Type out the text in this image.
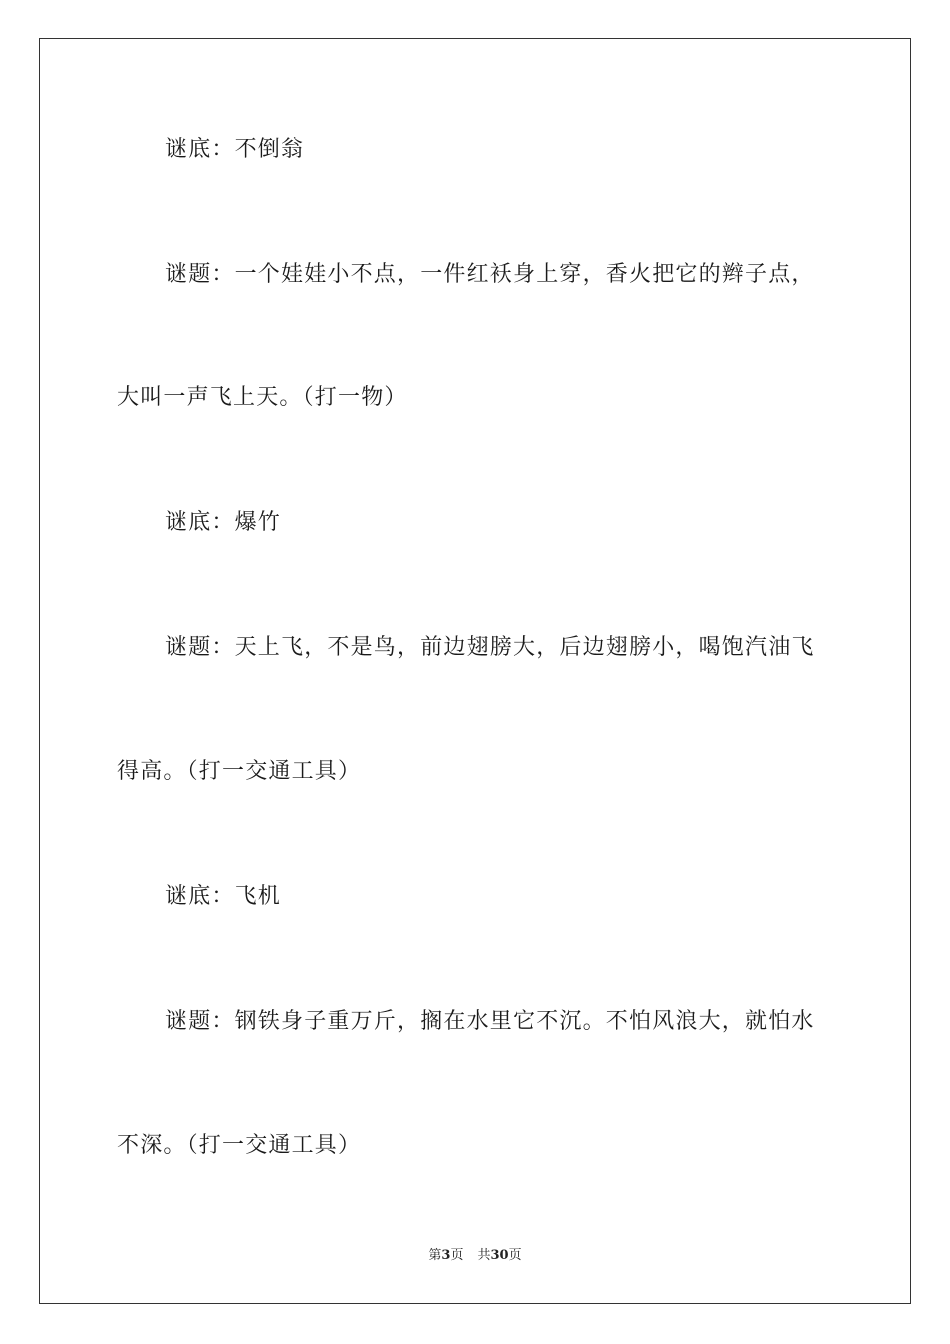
谜底：不倒翁
谜题：一个娃娃小不点，一件红袄身上穿，香火把它的辫子点，
大叫一声飞上天。（打一物）
谜底：爆竹
谜题：天上飞，不是鸟，前边翅膀大，后边翅膀小，喝饱汽油飞
得高。（打一交通工具）
谜底：飞机
谜题：钢铁身子重万斤，搁在水里它不沉。不怕风浪大，就怕水
不深。（打一交通工具）
第3页 共30页
